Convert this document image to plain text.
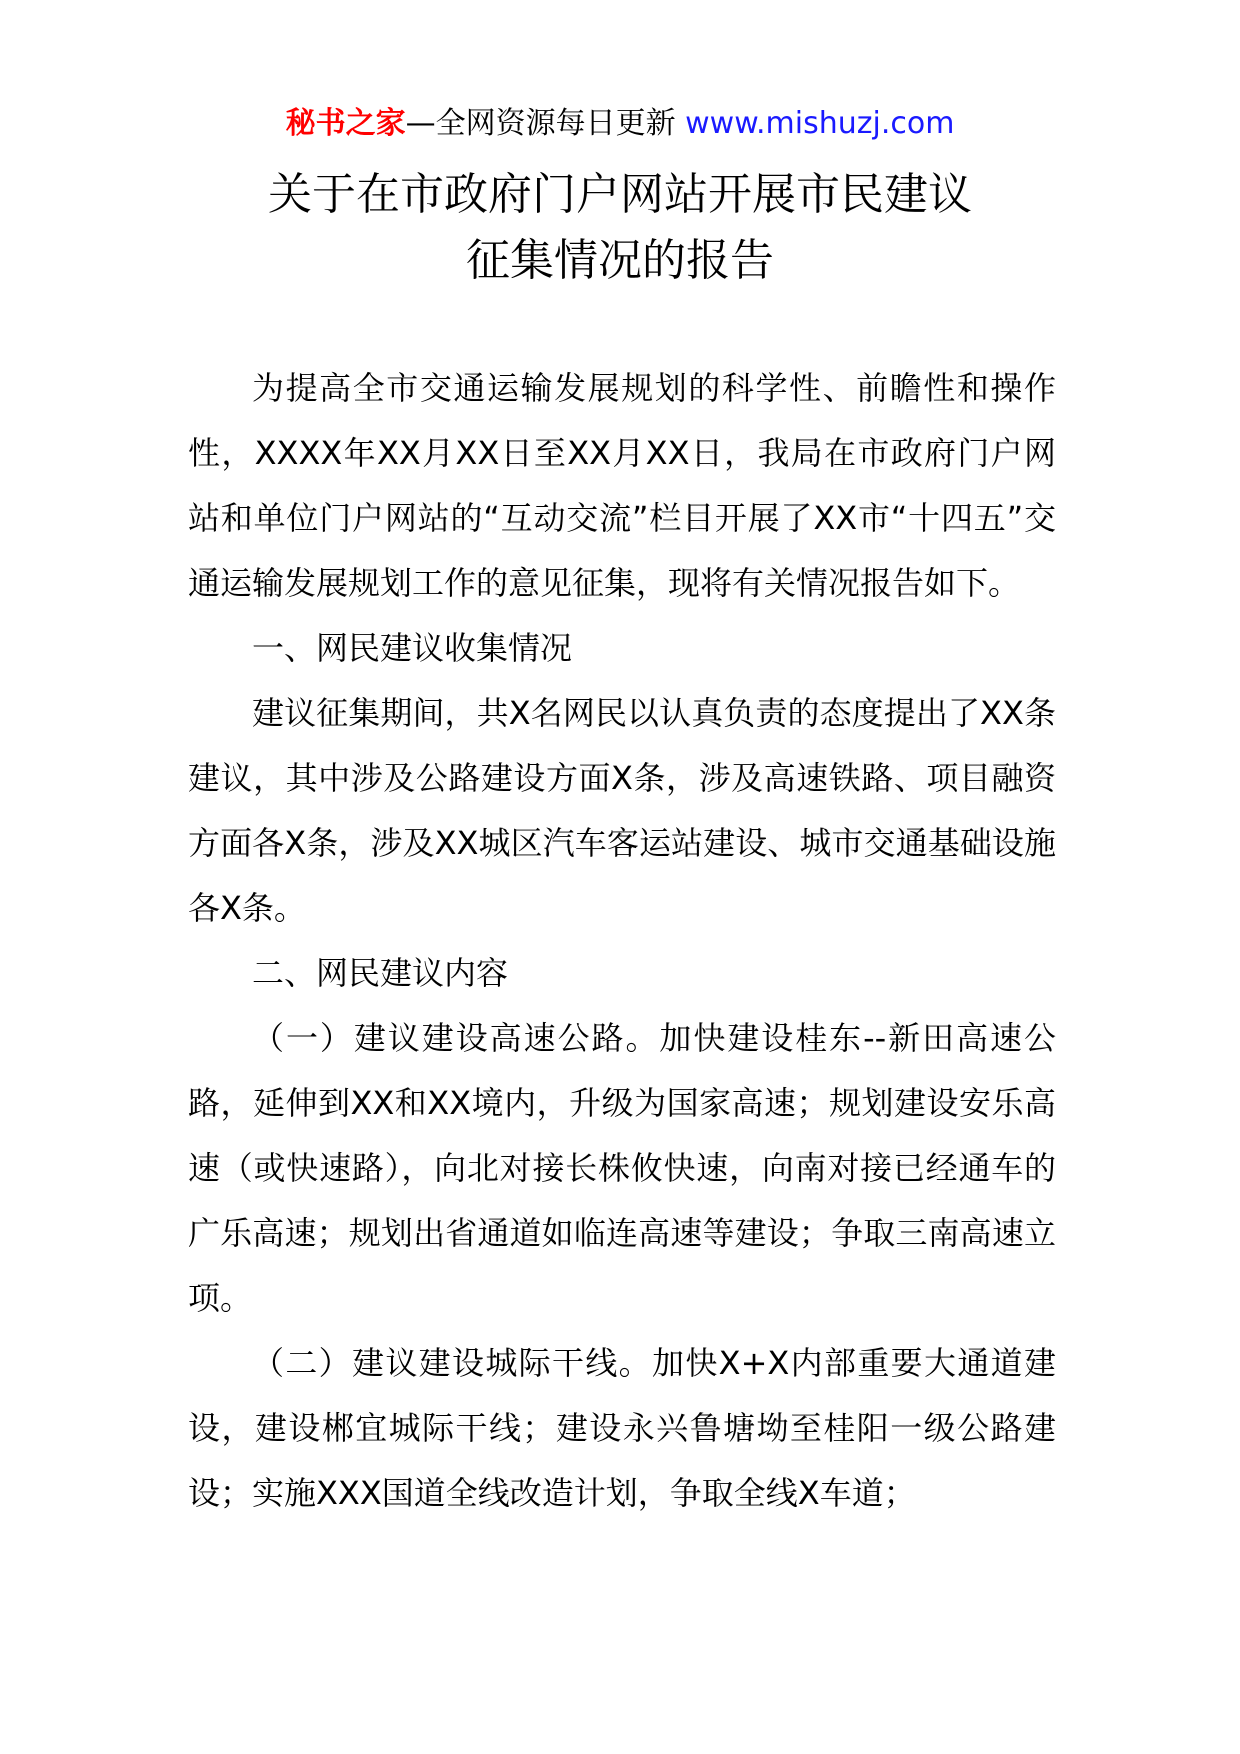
秘书之家—全网资源每日更新 www.mishuzj.com
关于在市政府门户网站开展市民建议
征集情况的报告

为提高全市交通运输发展规划的科学性、前瞻性和操作性，XXXX年XX月XX日至XX月XX日，我局在市政府门户网站和单位门户网站的“互动交流”栏目开展了XX市“十四五”交通运输发展规划工作的意见征集，现将有关情况报告如下。

一、网民建议收集情况

建议征集期间，共X名网民以认真负责的态度提出了XX条建议，其中涉及公路建设方面X条，涉及高速铁路、项目融资方面各X条，涉及XX城区汽车客运站建设、城市交通基础设施各X条。

二、网民建议内容

（一）建议建设高速公路。加快建设桂东--新田高速公路，延伸到XX和XX境内，升级为国家高速；规划建设安乐高速（或快速路），向北对接长株攸快速，向南对接已经通车的广乐高速；规划出省通道如临连高速等建设；争取三南高速立项。

（二）建议建设城际干线。加快X+X内部重要大通道建设，建设郴宜城际干线；建设永兴鲁塘坳至桂阳一级公路建设；实施XXX国道全线改造计划，争取全线X车道；
